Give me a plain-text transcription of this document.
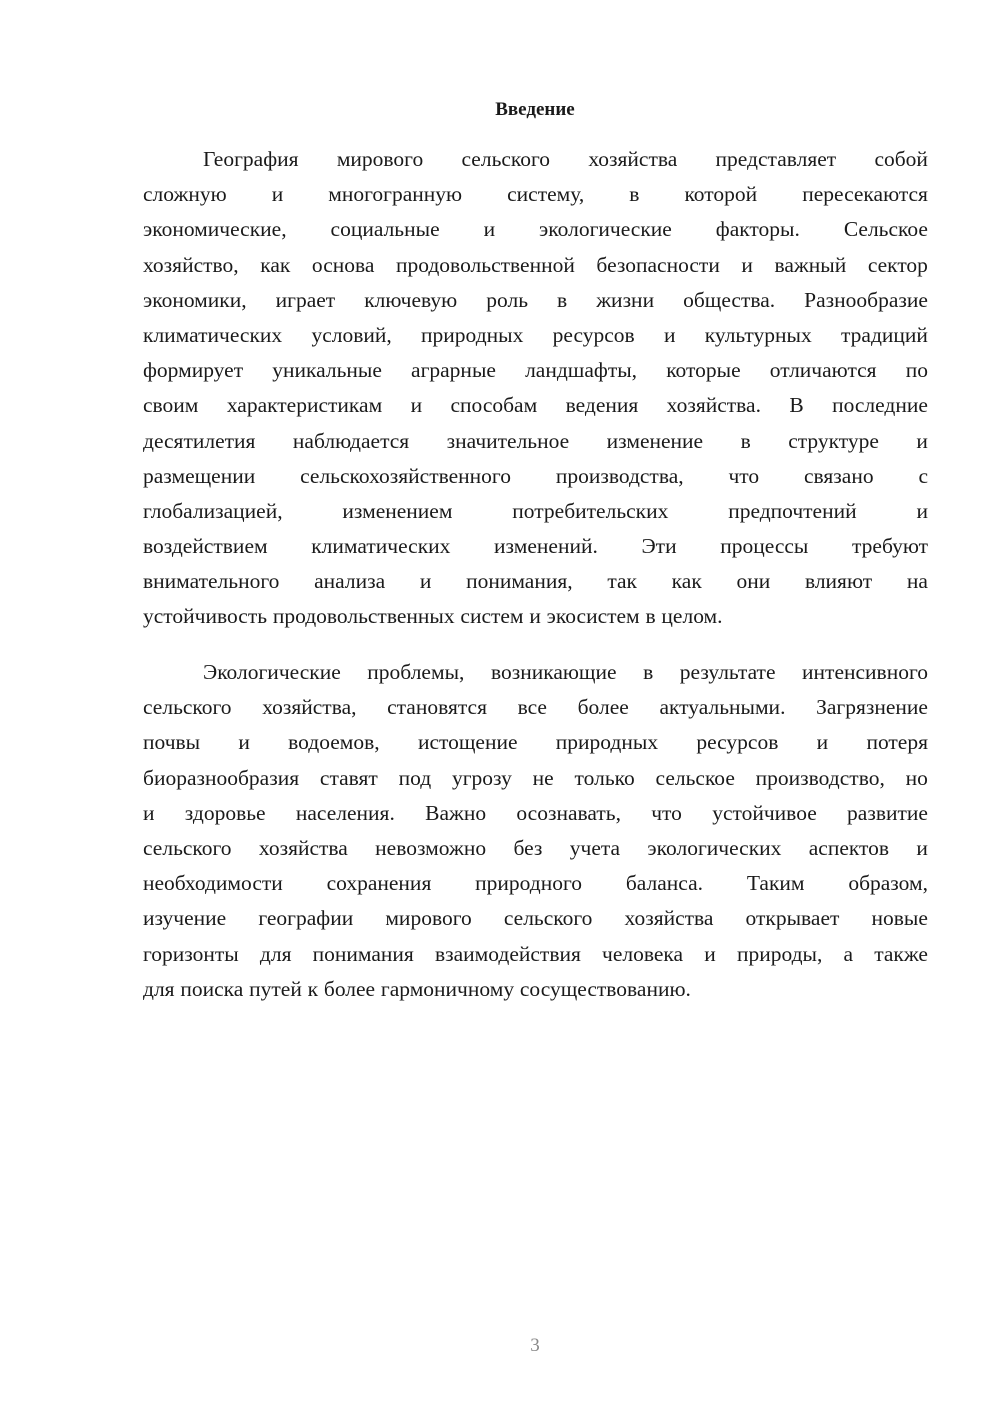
Введение
География мирового сельского хозяйства представляет собой
сложную и многогранную систему, в которой пересекаются
экономические, социальные и экологические факторы. Сельское
хозяйство, как основа продовольственной безопасности и важный сектор
экономики, играет ключевую роль в жизни общества. Разнообразие
климатических условий, природных ресурсов и культурных традиций
формирует уникальные аграрные ландшафты, которые отличаются по
своим характеристикам и способам ведения хозяйства. В последние
десятилетия наблюдается значительное изменение в структуре и
размещении сельскохозяйственного производства, что связано с
глобализацией,	изменением	потребительских	предпочтений	и
воздействием климатических изменений. Эти процессы требуют
внимательного анализа и понимания, так как они влияют на
устойчивость продовольственных систем и экосистем в целом.
Экологические проблемы, возникающие в результате интенсивного
сельского хозяйства, становятся все более актуальными. Загрязнение
почвы и водоемов, истощение природных ресурсов и потеря
биоразнообразия ставят под угрозу не только сельское производство, но
и здоровье населения. Важно осознавать, что устойчивое развитие
сельского хозяйства невозможно без учета экологических аспектов и
необходимости сохранения природного баланса. Таким образом,
изучение географии мирового сельского хозяйства открывает новые
горизонты для понимания взаимодействия человека и природы, а также
для поиска путей к более гармоничному сосуществованию.
3
